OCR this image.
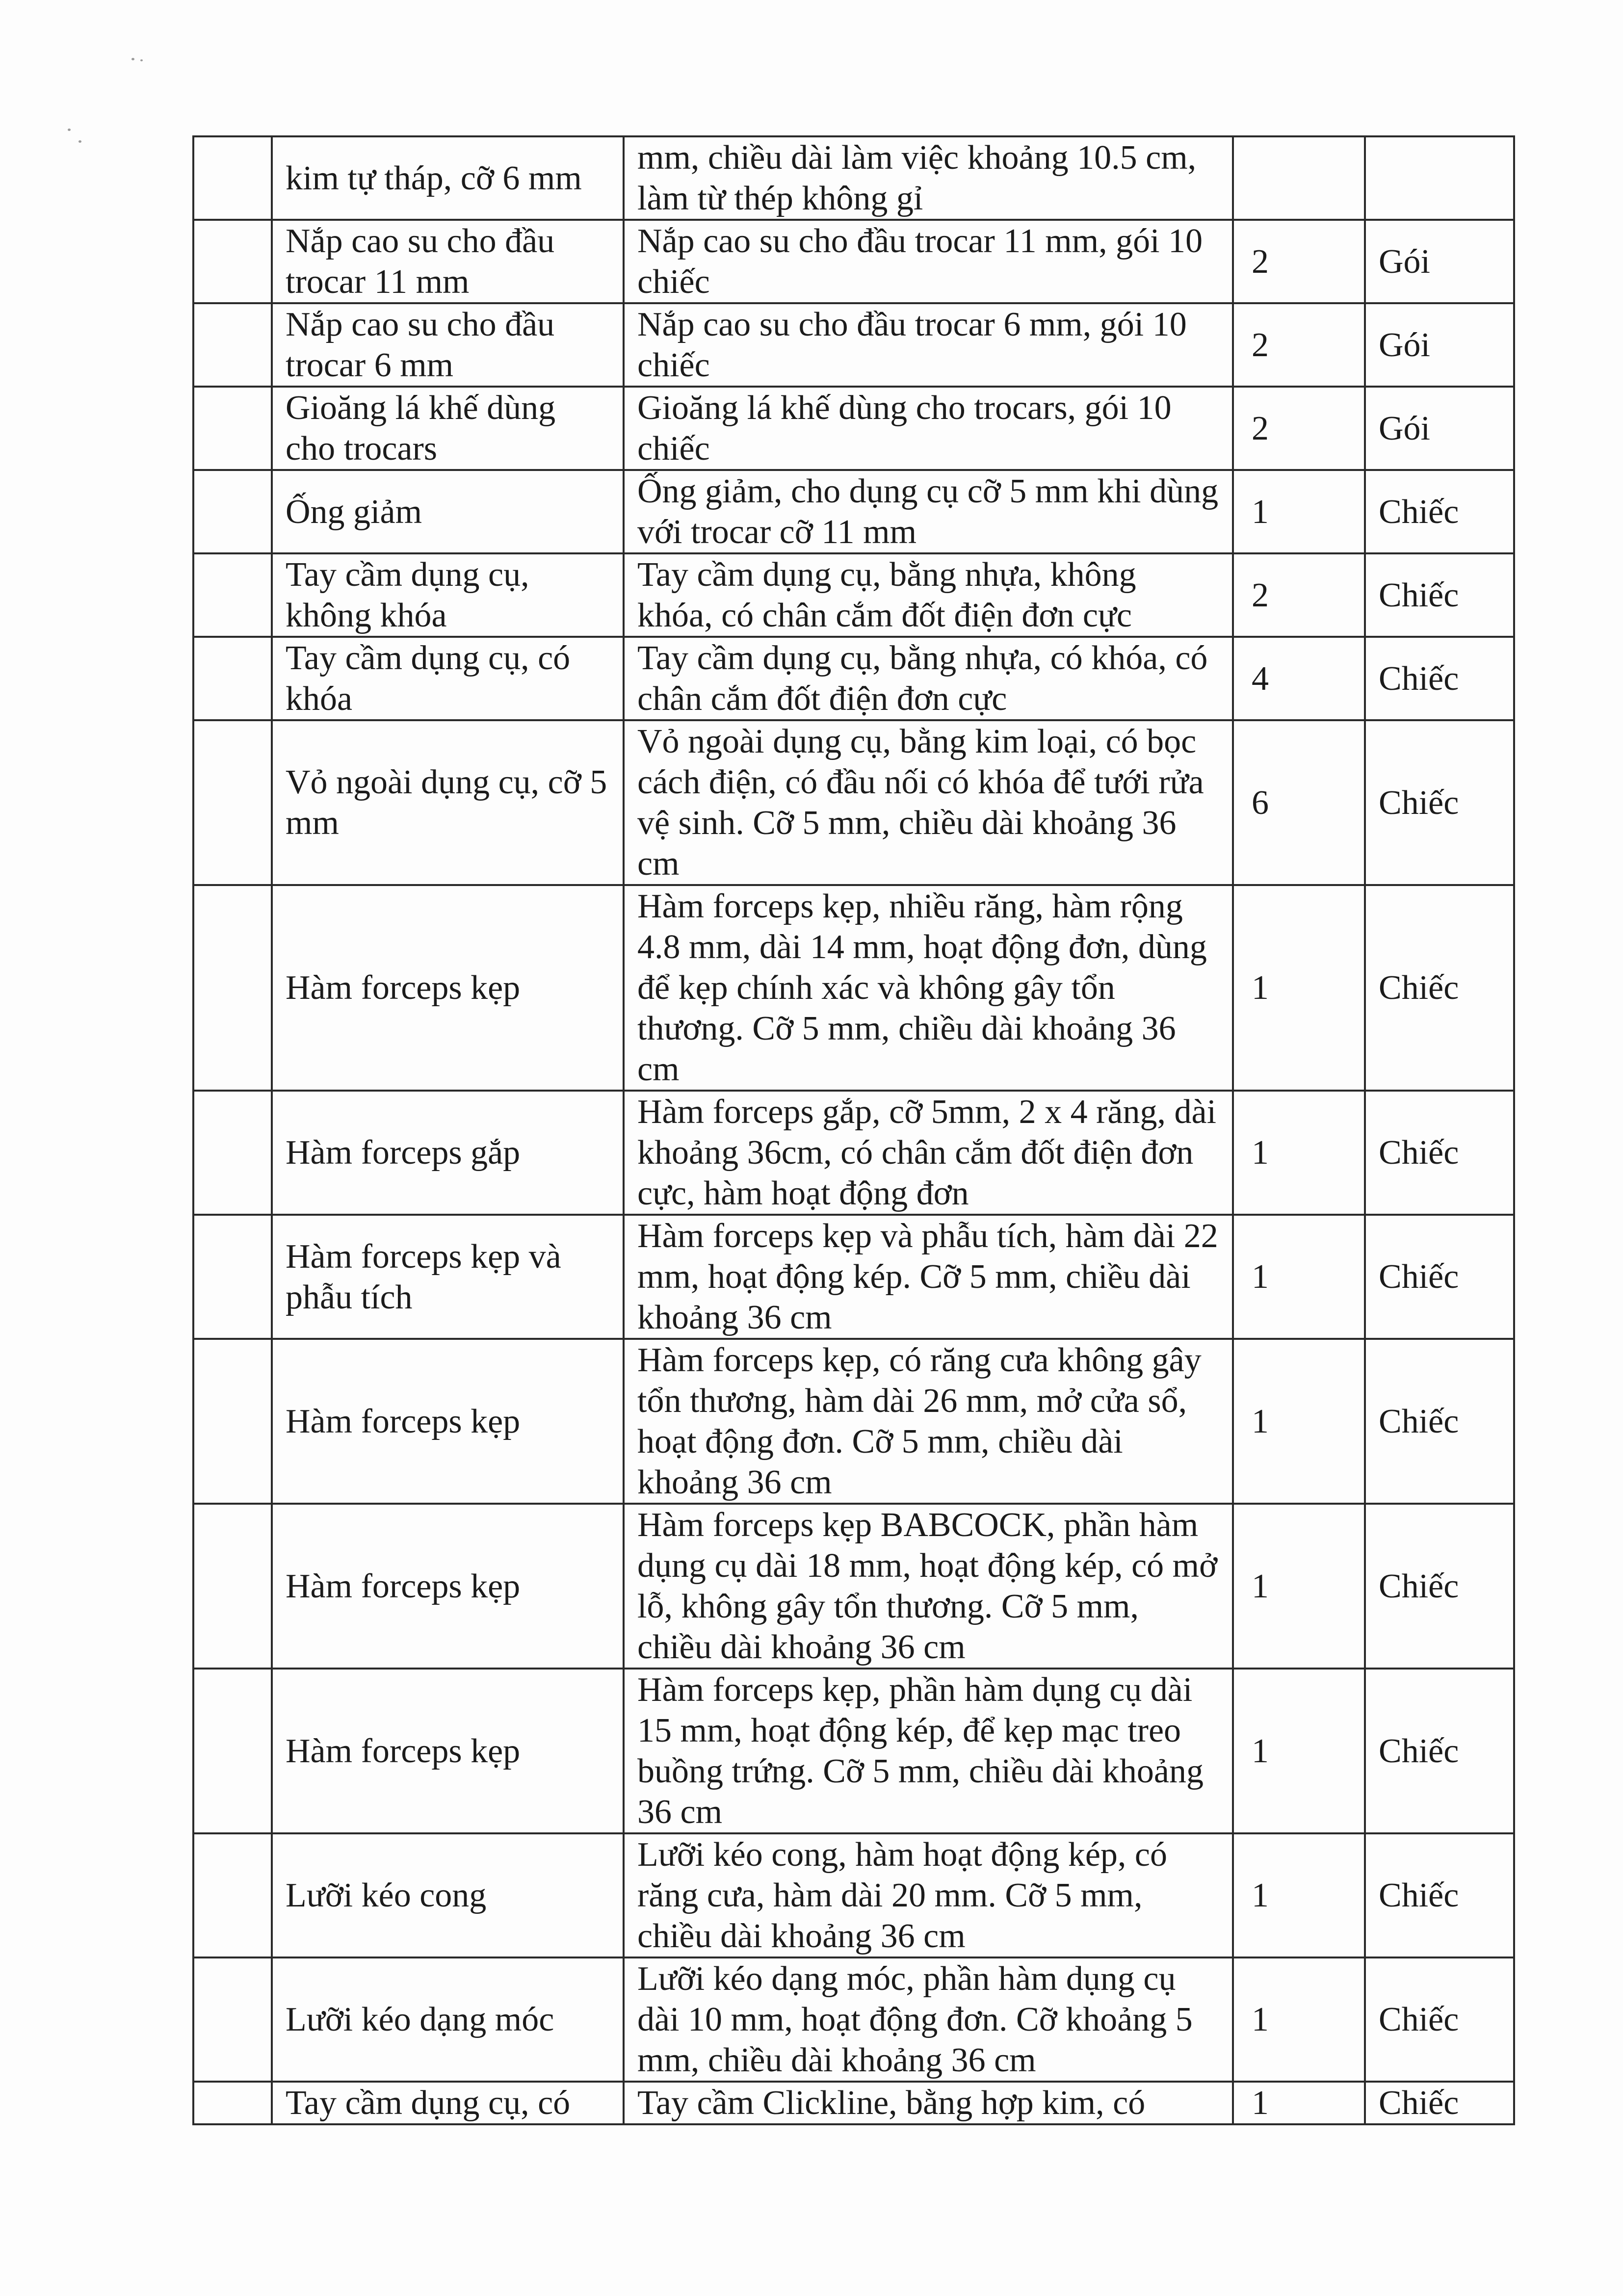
	kim tự tháp, cỡ 6 mm	mm, chiều dài làm việc khoảng 10.5 cm, làm từ thép không gỉ		
	Nắp cao su cho đầu trocar 11 mm	Nắp cao su cho đầu trocar 11 mm, gói 10 chiếc	2	Gói
	Nắp cao su cho đầu trocar 6 mm	Nắp cao su cho đầu trocar 6 mm, gói 10 chiếc	2	Gói
	Gioăng lá khế dùng cho trocars	Gioăng lá khế dùng cho trocars, gói 10 chiếc	2	Gói
	Ống giảm	Ống giảm, cho dụng cụ cỡ 5 mm khi dùng với trocar cỡ 11 mm	1	Chiếc
	Tay cầm dụng cụ, không khóa	Tay cầm dụng cụ, bằng nhựa, không khóa, có chân cắm đốt điện đơn cực	2	Chiếc
	Tay cầm dụng cụ, có khóa	Tay cầm dụng cụ, bằng nhựa, có khóa, có chân cắm đốt điện đơn cực	4	Chiếc
	Vỏ ngoài dụng cụ, cỡ 5 mm	Vỏ ngoài dụng cụ, bằng kim loại, có bọc cách điện, có đầu nối có khóa để tưới rửa vệ sinh. Cỡ 5 mm, chiều dài khoảng 36 cm	6	Chiếc
	Hàm forceps kẹp	Hàm forceps kẹp, nhiều răng, hàm rộng 4.8 mm, dài 14 mm, hoạt động đơn, dùng để kẹp chính xác và không gây tổn thương. Cỡ 5 mm, chiều dài khoảng 36 cm	1	Chiếc
	Hàm forceps gắp	Hàm forceps gắp, cỡ 5mm, 2 x 4 răng, dài khoảng 36cm, có chân cắm đốt điện đơn cực, hàm hoạt động đơn	1	Chiếc
	Hàm forceps kẹp và phẫu tích	Hàm forceps kẹp và phẫu tích, hàm dài 22 mm, hoạt động kép. Cỡ 5 mm, chiều dài khoảng 36 cm	1	Chiếc
	Hàm forceps kẹp	Hàm forceps kẹp, có răng cưa không gây tổn thương, hàm dài 26 mm, mở cửa sổ, hoạt động đơn. Cỡ 5 mm, chiều dài khoảng 36 cm	1	Chiếc
	Hàm forceps kẹp	Hàm forceps kẹp BABCOCK, phần hàm dụng cụ dài 18 mm, hoạt động kép, có mở lỗ, không gây tổn thương. Cỡ 5 mm, chiều dài khoảng 36 cm	1	Chiếc
	Hàm forceps kẹp	Hàm forceps kẹp, phần hàm dụng cụ dài 15 mm, hoạt động kép, để kẹp mạc treo buồng trứng. Cỡ 5 mm, chiều dài khoảng 36 cm	1	Chiếc
	Lưỡi kéo cong	Lưỡi kéo cong, hàm hoạt động kép, có răng cưa, hàm dài 20 mm. Cỡ 5 mm, chiều dài khoảng 36 cm	1	Chiếc
	Lưỡi kéo dạng móc	Lưỡi kéo dạng móc, phần hàm dụng cụ dài 10 mm, hoạt động đơn. Cỡ khoảng 5 mm, chiều dài khoảng 36 cm	1	Chiếc
	Tay cầm dụng cụ, có	Tay cầm Clickline, bằng hợp kim, có	1	Chiếc
